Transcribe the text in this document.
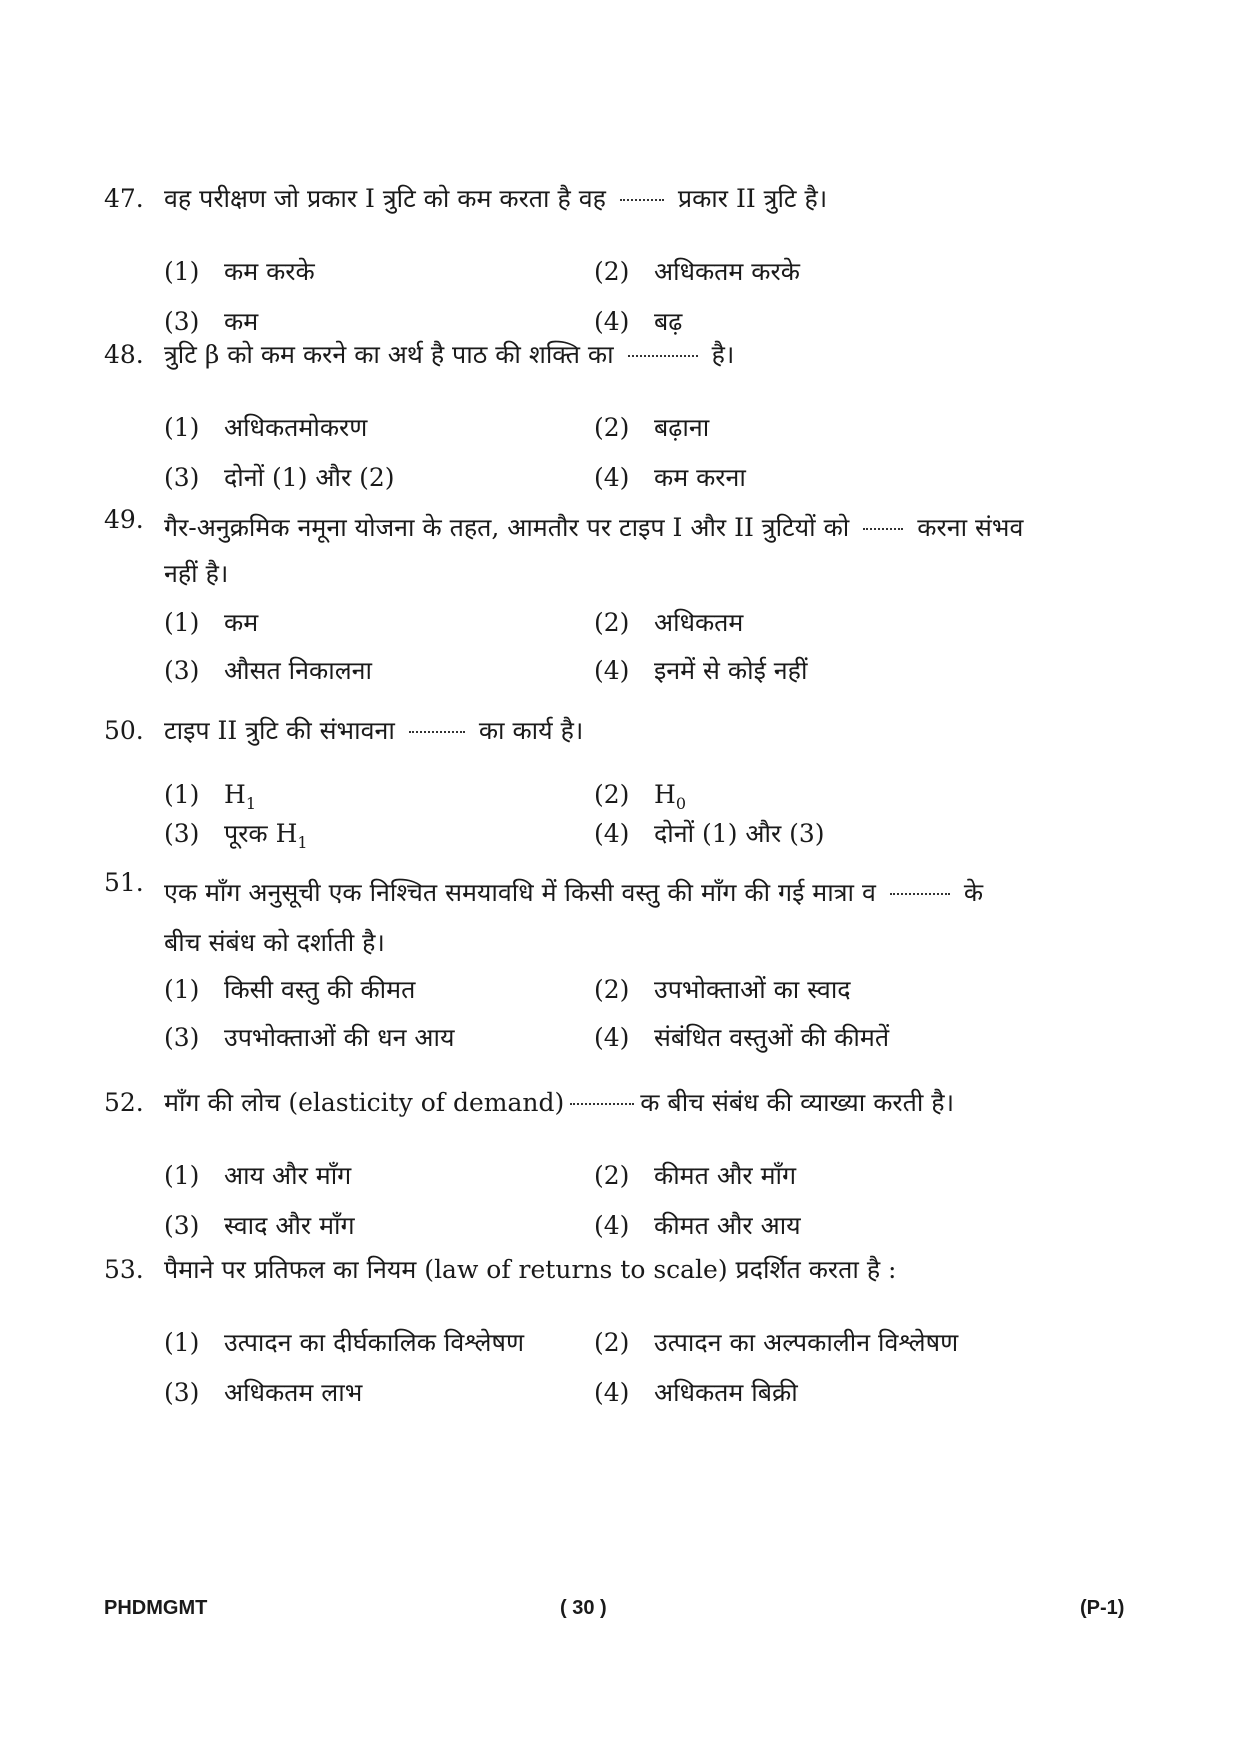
47. वह परीक्षण जो प्रकार I त्रुटि को कम करता है वह	प्रकार II त्रुटि है।
(1) कम करके	(2) अधिकतम करके
(3) कम	(4) बढ़
48. त्रुटि β को कम करने का अर्थ है पाठ की शक्ति का	है।
(1) अधिकतमोकरण	(2) बढ़ाना
(3) दोनों (1) और (2)	(4) कम करना
49. गैर-अनुक्रमिक नमूना योजना के तहत, आमतौर पर टाइप I और II त्रुटियों को	करना संभव
नहीं है।
(1) कम	(2) अधिकतम
(3) औसत निकालना	(4) इनमें से कोई नहीं
50. टाइप II त्रुटि की संभावना	का कार्य है।
(1) $H_1$	(2) $H_0$
(3) पूरक $H_1$	(4) दोनों (1) और (3)
51. एक माँग अनुसूची एक निश्चित समयावधि में किसी वस्तु की माँग की गई मात्रा व	के
बीच संबंध को दर्शाती है।
(1) किसी वस्तु की कीमत	(2) उपभोक्ताओं का स्वाद
(3) उपभोक्ताओं की धन आय	(4) संबंधित वस्तुओं की कीमतें
52. माँग की लोच (elasticity of demand)	क बीच संबंध की व्याख्या करती है।
(1) आय और माँग	(2) कीमत और माँग
(3) स्वाद और माँग	(4) कीमत और आय
53. पैमाने पर प्रतिफल का नियम (law of returns to scale) प्रदर्शित करता है :
(1) उत्पादन का दीर्घकालिक विश्लेषण	(2) उत्पादन का अल्पकालीन विश्लेषण
(3) अधिकतम लाभ	(4) अधिकतम बिक्री
PHDMGMT	( 30 )	(P-1)
